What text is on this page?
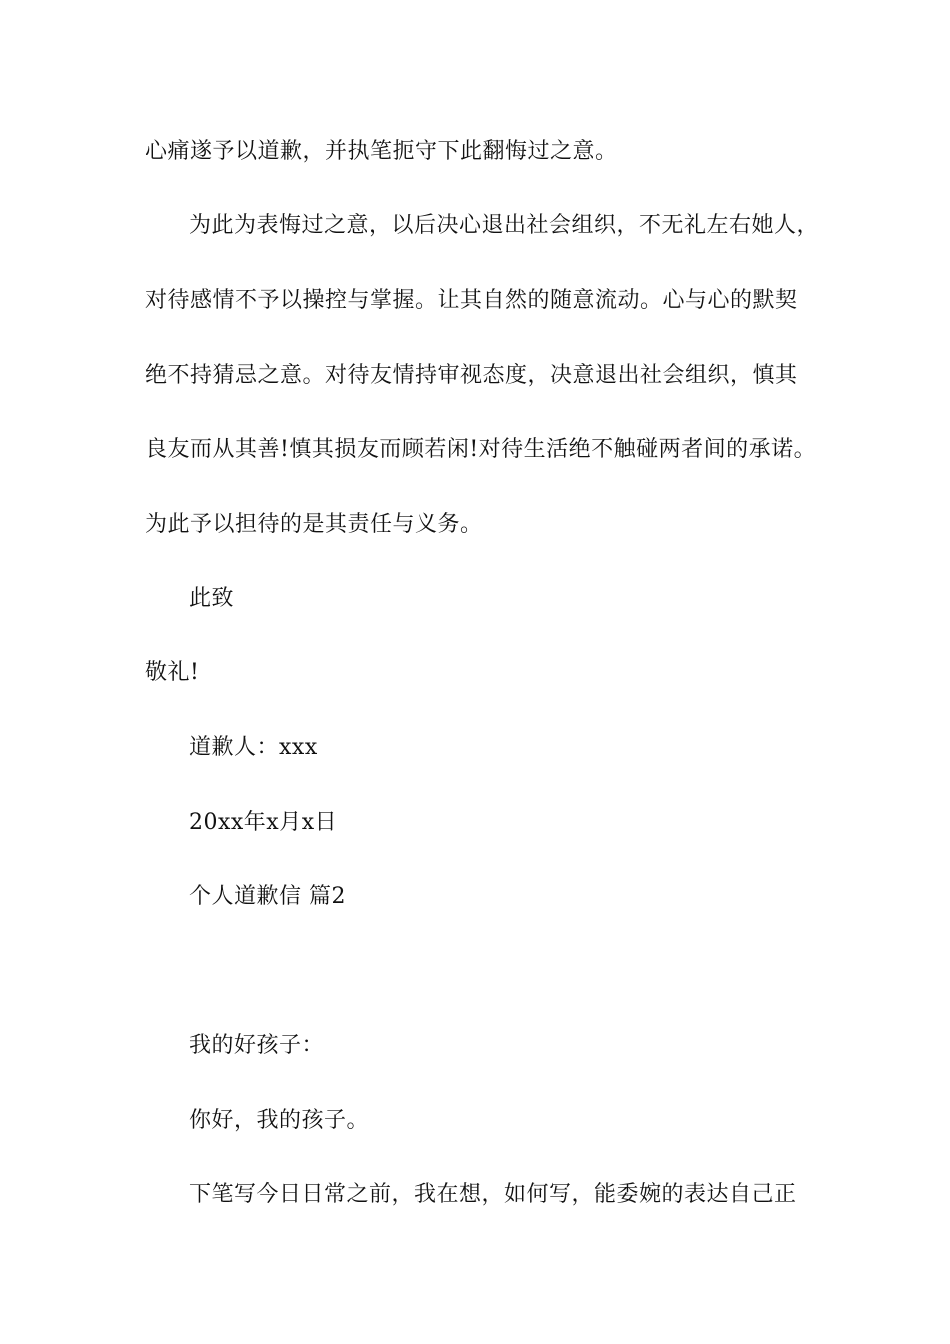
心痛遂予以道歉，并执笔扼守下此翻悔过之意。
为此为表悔过之意，以后决心退出社会组织，不无礼左右她人，
对待感情不予以操控与掌握。让其自然的随意流动。心与心的默契
绝不持猜忌之意。对待友情持审视态度，决意退出社会组织，慎其
良友而从其善!慎其损友而顾若闲!对待生活绝不触碰两者间的承诺。
为此予以担待的是其责任与义务。
此致
敬礼!
道歉人：xxx
20xx年x月x日
个人道歉信 篇2
我的好孩子：
你好，我的孩子。
下笔写今日日常之前，我在想，如何写，能委婉的表达自己正
